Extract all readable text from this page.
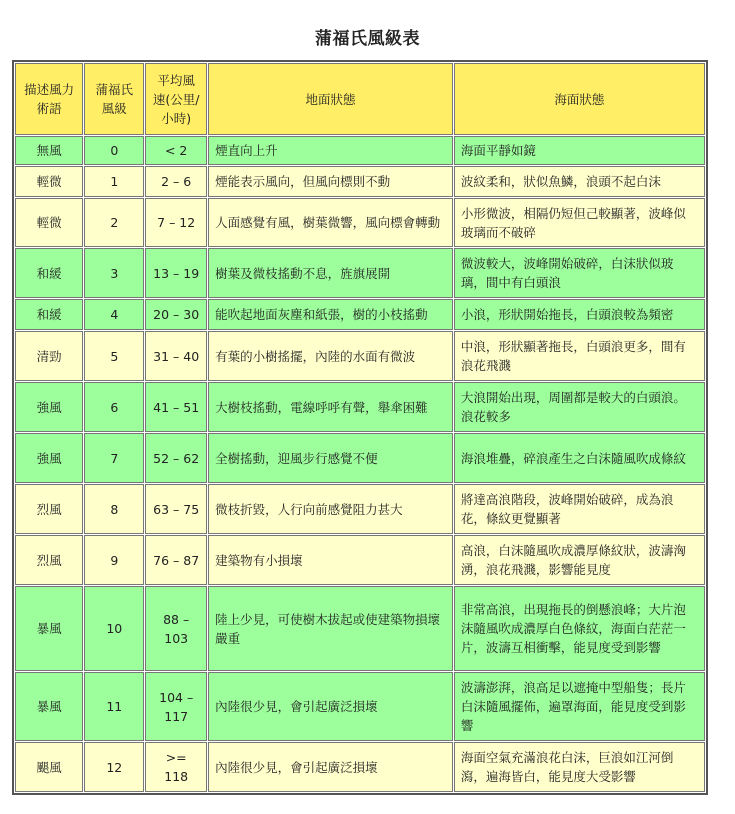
蒲福氏風級表
描述風力術語	蒲福氏風級	平均風速(公里/小時)	地面狀態	海面狀態
無風	0	< 2	煙直向上升	海面平靜如鏡
輕微	1	2 – 6	煙能表示風向，但風向標則不動	波紋柔和，狀似魚鱗，浪頭不起白沫
輕微	2	7 – 12	人面感覺有風，樹葉微響，風向標會轉動	小形微波，相隔仍短但己較顯著，波峰似玻璃而不破碎
和緩	3	13 – 19	樹葉及微枝搖動不息，旌旗展開	微波較大，波峰開始破碎，白沫狀似玻璃，間中有白頭浪
和緩	4	20 – 30	能吹起地面灰塵和紙張，樹的小枝搖動	小浪，形狀開始拖長，白頭浪較為頻密
清勁	5	31 – 40	有葉的小樹搖擺，內陸的水面有微波	中浪，形狀顯著拖長，白頭浪更多，間有浪花飛濺
強風	6	41 – 51	大樹枝搖動，電線呼呼有聲，舉傘困難	大浪開始出現，周圍都是較大的白頭浪。浪花較多
強風	7	52 – 62	全樹搖動，迎風步行感覺不便	海浪堆疊，碎浪產生之白沫隨風吹成條紋
烈風	8	63 – 75	微枝折毀，人行向前感覺阻力甚大	將達高浪階段，波峰開始破碎，成為浪花，條紋更覺顯著
烈風	9	76 – 87	建築物有小損壞	高浪，白沫隨風吹成濃厚條紋狀，波濤洶湧，浪花飛濺，影響能見度
暴風	10	88 – 103	陸上少見，可使樹木拔起或使建築物損壞嚴重	非常高浪，出現拖長的倒懸浪峰；大片泡沫隨風吹成濃厚白色條紋，海面白茫茫一片，波濤互相衝擊，能見度受到影響
暴風	11	104 – 117	內陸很少見，會引起廣泛損壞	波濤澎湃，浪高足以遮掩中型船隻；長片白沫隨風擺佈，遍罩海面，能見度受到影響
颶風	12	>= 118	內陸很少見，會引起廣泛損壞	海面空氣充滿浪花白沫，巨浪如江河倒瀉，遍海皆白，能見度大受影響
